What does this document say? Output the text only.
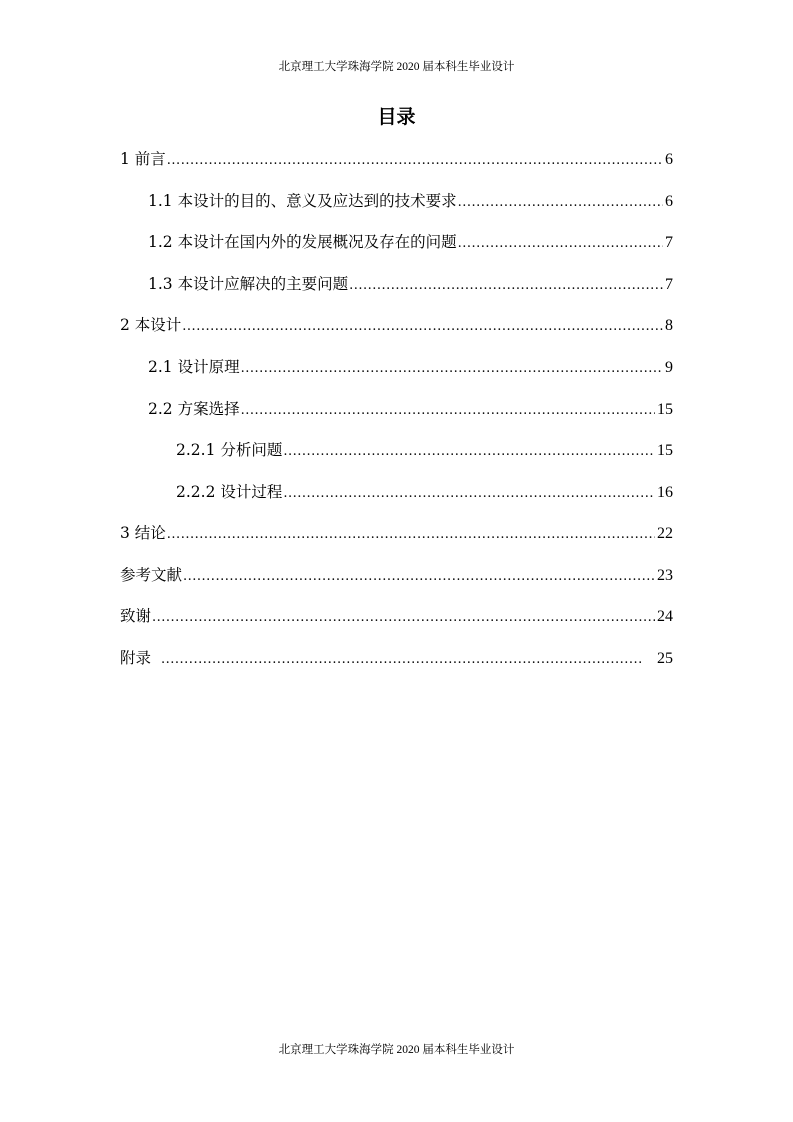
北京理工大学珠海学院 2020 届本科生毕业设计
目录
1 前言 .....	6
1.1 本设计的目的、意义及应达到的技术要求 .....	6
1.2 本设计在国内外的发展概况及存在的问题 .....	7
1.3 本设计应解决的主要问题 .....	7
2 本设计 .....	8
2.1 设计原理 .....	9
2.2 方案选择 .....	15
2.2.1 分析问题 .....	15
2.2.2 设计过程 .....	16
3 结论 .....	22
参考文献 .....	23
致谢 .....	24
附录 .....	25
北京理工大学珠海学院 2020 届本科生毕业设计
